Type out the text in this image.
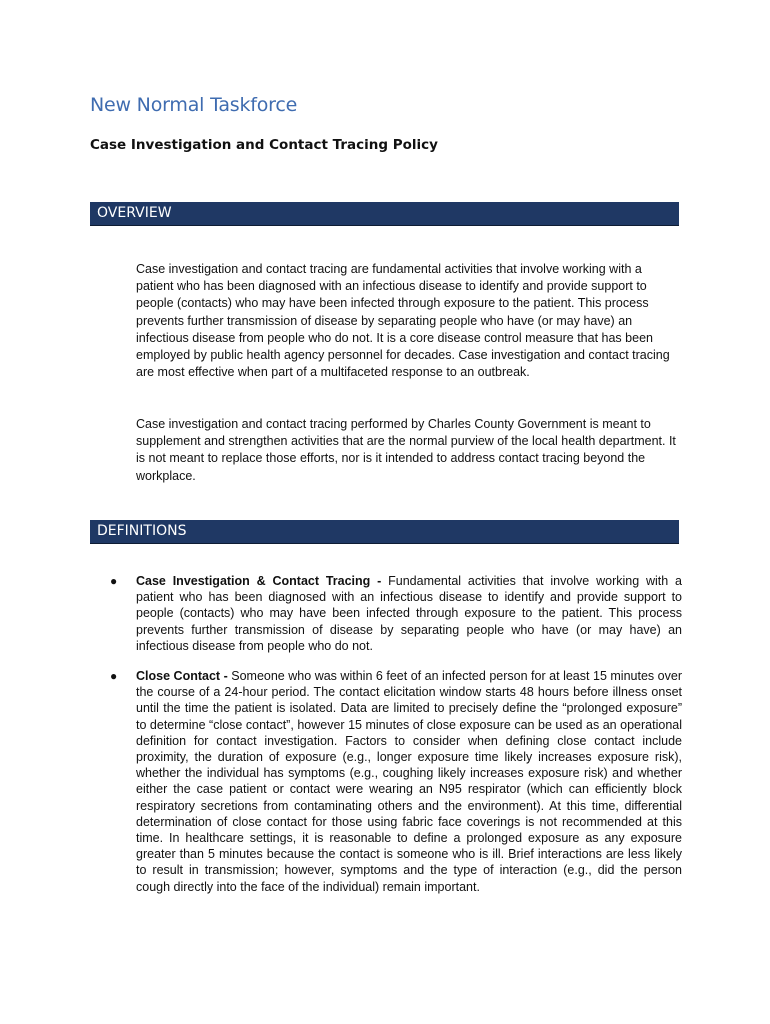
New Normal Taskforce
Case Investigation and Contact Tracing Policy
OVERVIEW

Case investigation and contact tracing are fundamental activities that involve working with a patient who has been diagnosed with an infectious disease to identify and provide support to people (contacts) who may have been infected through exposure to the patient. This process prevents further transmission of disease by separating people who have (or may have) an infectious disease from people who do not. It is a core disease control measure that has been employed by public health agency personnel for decades. Case investigation and contact tracing are most effective when part of a multifaceted response to an outbreak.

Case investigation and contact tracing performed by Charles County Government is meant to supplement and strengthen activities that are the normal purview of the local health department. It is not meant to replace those efforts, nor is it intended to address contact tracing beyond the workplace.

DEFINITIONS
● Case Investigation & Contact Tracing - Fundamental activities that involve working with a patient who has been diagnosed with an infectious disease to identify and provide support to people (contacts) who may have been infected through exposure to the patient. This process prevents further transmission of disease by separating people who have (or may have) an infectious disease from people who do not.
● Close Contact - Someone who was within 6 feet of an infected person for at least 15 minutes over the course of a 24-hour period. The contact elicitation window starts 48 hours before illness onset until the time the patient is isolated. Data are limited to precisely define the “prolonged exposure” to determine “close contact”, however 15 minutes of close exposure can be used as an operational definition for contact investigation. Factors to consider when defining close contact include proximity, the duration of exposure (e.g., longer exposure time likely increases exposure risk), whether the individual has symptoms (e.g., coughing likely increases exposure risk) and whether either the case patient or contact were wearing an N95 respirator (which can efficiently block respiratory secretions from contaminating others and the environment). At this time, differential determination of close contact for those using fabric face coverings is not recommended at this time. In healthcare settings, it is reasonable to define a prolonged exposure as any exposure greater than 5 minutes because the contact is someone who is ill. Brief interactions are less likely to result in transmission; however, symptoms and the type of interaction (e.g., did the person cough directly into the face of the individual) remain important.
